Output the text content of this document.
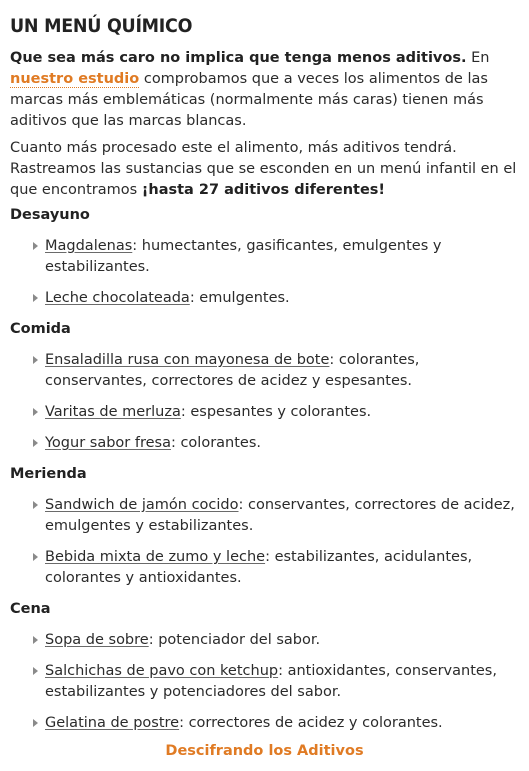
UN MENÚ QUÍMICO

Que sea más caro no implica que tenga menos aditivos. En nuestro estudio comprobamos que a veces los alimentos de las marcas más emblemáticas (normalmente más caras) tienen más aditivos que las marcas blancas.

Cuanto más procesado este el alimento, más aditivos tendrá. Rastreamos las sustancias que se esconden en un menú infantil en el que encontramos ¡hasta 27 aditivos diferentes!

Desayuno
Magdalenas: humectantes, gasificantes, emulgentes y estabilizantes.
Leche chocolateada: emulgentes.
Comida
Ensaladilla rusa con mayonesa de bote: colorantes, conservantes, correctores de acidez y espesantes.
Varitas de merluza: espesantes y colorantes.
Yogur sabor fresa: colorantes.
Merienda
Sandwich de jamón cocido: conservantes, correctores de acidez, emulgentes y estabilizantes.
Bebida mixta de zumo y leche: estabilizantes, acidulantes, colorantes y antioxidantes.
Cena
Sopa de sobre: potenciador del sabor.
Salchichas de pavo con ketchup: antioxidantes, conservantes, estabilizantes y potenciadores del sabor.
Gelatina de postre: correctores de acidez y colorantes.
Descifrando los Aditivos
